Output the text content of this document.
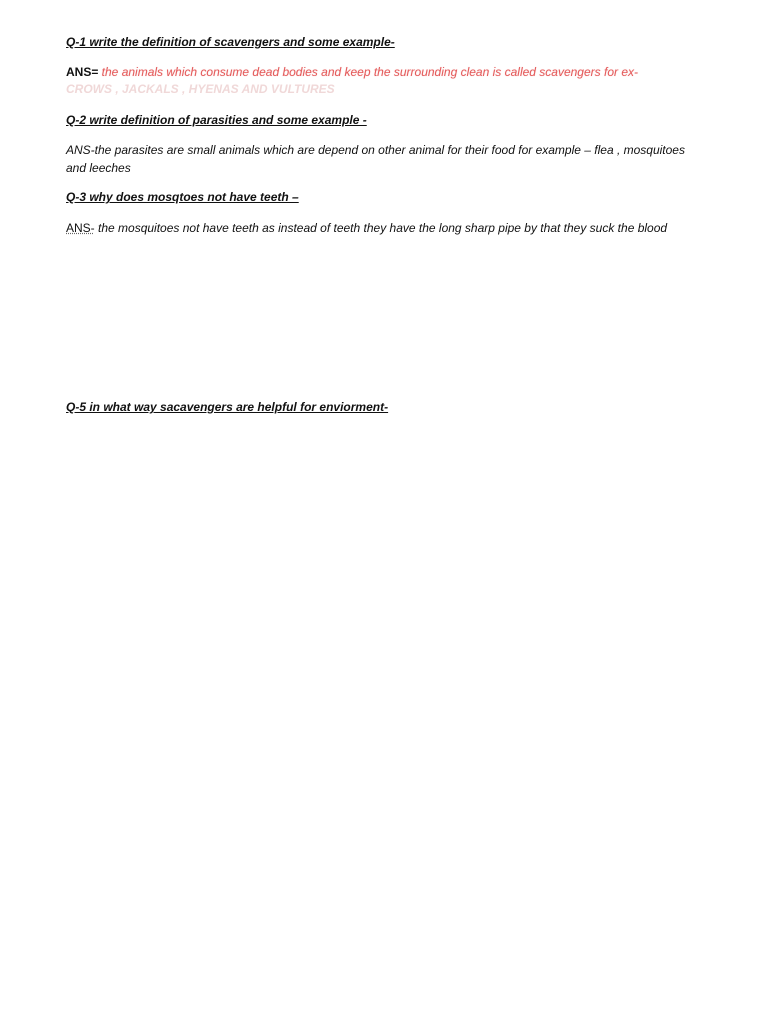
Q-1 write the definition of scavengers and some example-
ANS= the animals which consume dead bodies and keep the surrounding clean is called scavengers for ex- CROWS , JACKALS , HYENAS AND VULTURES
Q-2 write definition of parasities and some example -
ANS-the parasites are small animals which are depend on other animal for their food for example – flea , mosquitoes and leeches
Q-3 why does mosqtoes not have teeth –
ANS- the mosquitoes not have teeth as instead of teeth they have the long sharp pipe by that they suck the blood
Q-5 in what way sacavengers are helpful for enviorment-
